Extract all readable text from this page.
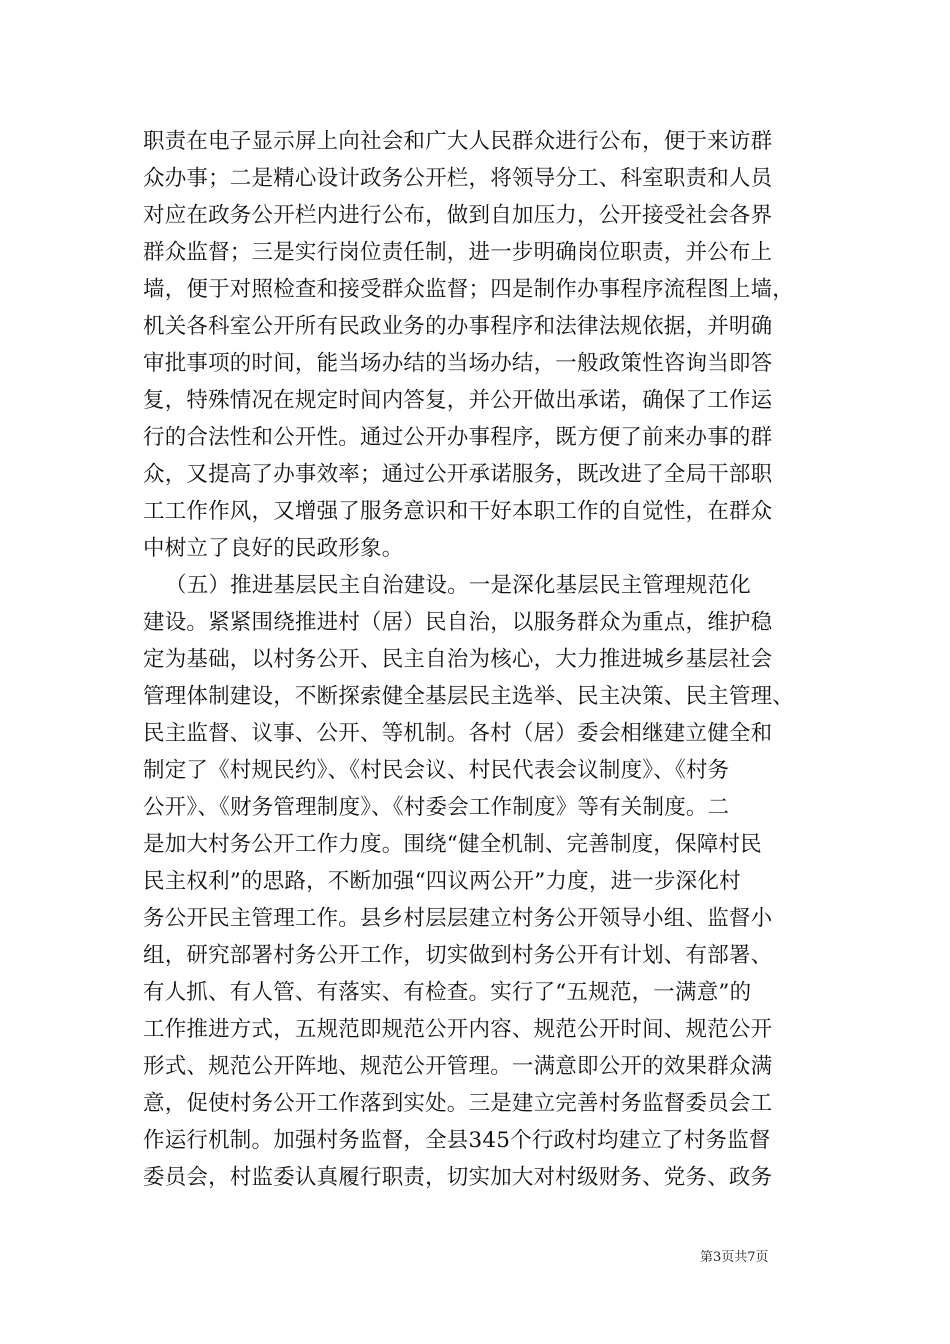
职责在电子显示屏上向社会和广大人民群众进行公布，便于来访群
众办事；二是精心设计政务公开栏，将领导分工、科室职责和人员
对应在政务公开栏内进行公布，做到自加压力，公开接受社会各界
群众监督；三是实行岗位责任制，进一步明确岗位职责，并公布上
墙，便于对照检查和接受群众监督；四是制作办事程序流程图上墙，
机关各科室公开所有民政业务的办事程序和法律法规依据，并明确
审批事项的时间，能当场办结的当场办结，一般政策性咨询当即答
复，特殊情况在规定时间内答复，并公开做出承诺，确保了工作运
行的合法性和公开性。通过公开办事程序，既方便了前来办事的群
众，又提高了办事效率；通过公开承诺服务，既改进了全局干部职
工工作作风，又增强了服务意识和干好本职工作的自觉性，在群众
中树立了良好的民政形象。
（五）推进基层民主自治建设。一是深化基层民主管理规范化
建设。紧紧围绕推进村（居）民自治，以服务群众为重点，维护稳
定为基础，以村务公开、民主自治为核心，大力推进城乡基层社会
管理体制建设，不断探索健全基层民主选举、民主决策、民主管理、
民主监督、议事、公开、等机制。各村（居）委会相继建立健全和
制定了《村规民约》、《村民会议、村民代表会议制度》、《村务
公开》、《财务管理制度》、《村委会工作制度》等有关制度。二
是加大村务公开工作力度。围绕“健全机制、完善制度，保障村民
民主权利”的思路，不断加强“四议两公开”力度，进一步深化村
务公开民主管理工作。县乡村层层建立村务公开领导小组、监督小
组，研究部署村务公开工作，切实做到村务公开有计划、有部署、
有人抓、有人管、有落实、有检查。实行了“五规范，一满意”的
工作推进方式，五规范即规范公开内容、规范公开时间、规范公开
形式、规范公开阵地、规范公开管理。一满意即公开的效果群众满
意，促使村务公开工作落到实处。三是建立完善村务监督委员会工
作运行机制。加强村务监督，全县345个行政村均建立了村务监督
委员会，村监委认真履行职责，切实加大对村级财务、党务、政务
第3页共7页
